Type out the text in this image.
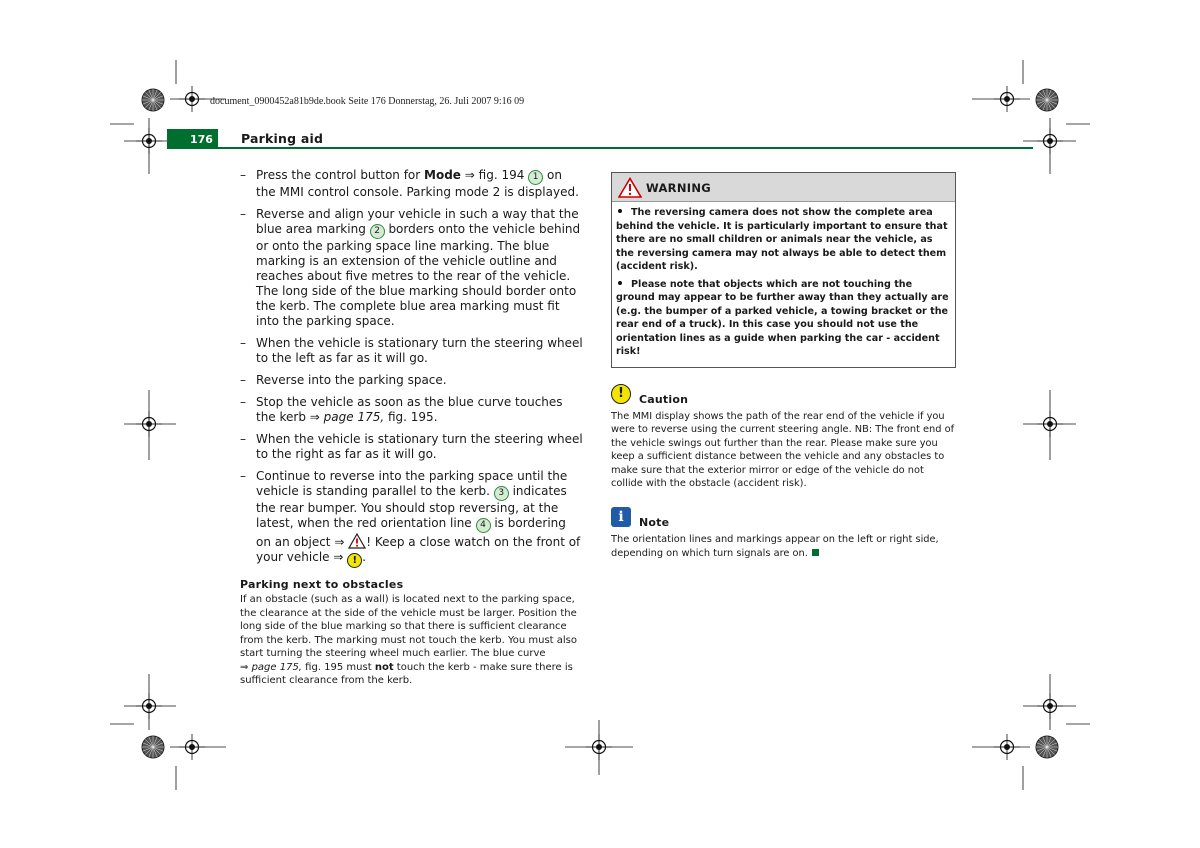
document_0900452a81b9de.book Seite 176 Donnerstag, 26. Juli 2007 9:16 09
176	Parking aid
– Press the control button for Mode ⇒ fig. 194 1 on the MMI control console. Parking mode 2 is displayed.
– Reverse and align your vehicle in such a way that the blue area marking 2 borders onto the vehicle behind or onto the parking space line marking. The blue marking is an extension of the vehicle outline and reaches about five metres to the rear of the vehicle. The long side of the blue marking should border onto the kerb. The complete blue area marking must fit into the parking space.
– When the vehicle is stationary turn the steering wheel to the left as far as it will go.
– Reverse into the parking space.
– Stop the vehicle as soon as the blue curve touches the kerb ⇒ page 175, fig. 195.
– When the vehicle is stationary turn the steering wheel to the right as far as it will go.
– Continue to reverse into the parking space until the vehicle is standing parallel to the kerb. 3 indicates the rear bumper. You should stop reversing, at the latest, when the red orientation line 4 is bordering on an object ⇒ ! Keep a close watch on the front of your vehicle ⇒ ! .
Parking next to obstacles
If an obstacle (such as a wall) is located next to the parking space, the clearance at the side of the vehicle must be larger. Position the long side of the blue marking so that there is sufficient clearance from the kerb. The marking must not touch the kerb. You must also start turning the steering wheel much earlier. The blue curve
⇒ page 175, fig. 195 must not touch the kerb - make sure there is sufficient clearance from the kerb.
WARNING

The reversing camera does not show the complete area behind the vehicle. It is particularly important to ensure that there are no small children or animals near the vehicle, as the reversing camera may not always be able to detect them (accident risk).

Please note that objects which are not touching the ground may appear to be further away than they actually are (e.g. the bumper of a parked vehicle, a towing bracket or the rear end of a truck). In this case you should not use the orientation lines as a guide when parking the car - accident risk!

!	Caution
The MMI display shows the path of the rear end of the vehicle if you were to reverse using the current steering angle. NB: The front end of the vehicle swings out further than the rear. Please make sure you keep a sufficient distance between the vehicle and any obstacles to make sure that the exterior mirror or edge of the vehicle do not collide with the obstacle (accident risk).
i	Note
The orientation lines and markings appear on the left or right side, depending on which turn signals are on.
